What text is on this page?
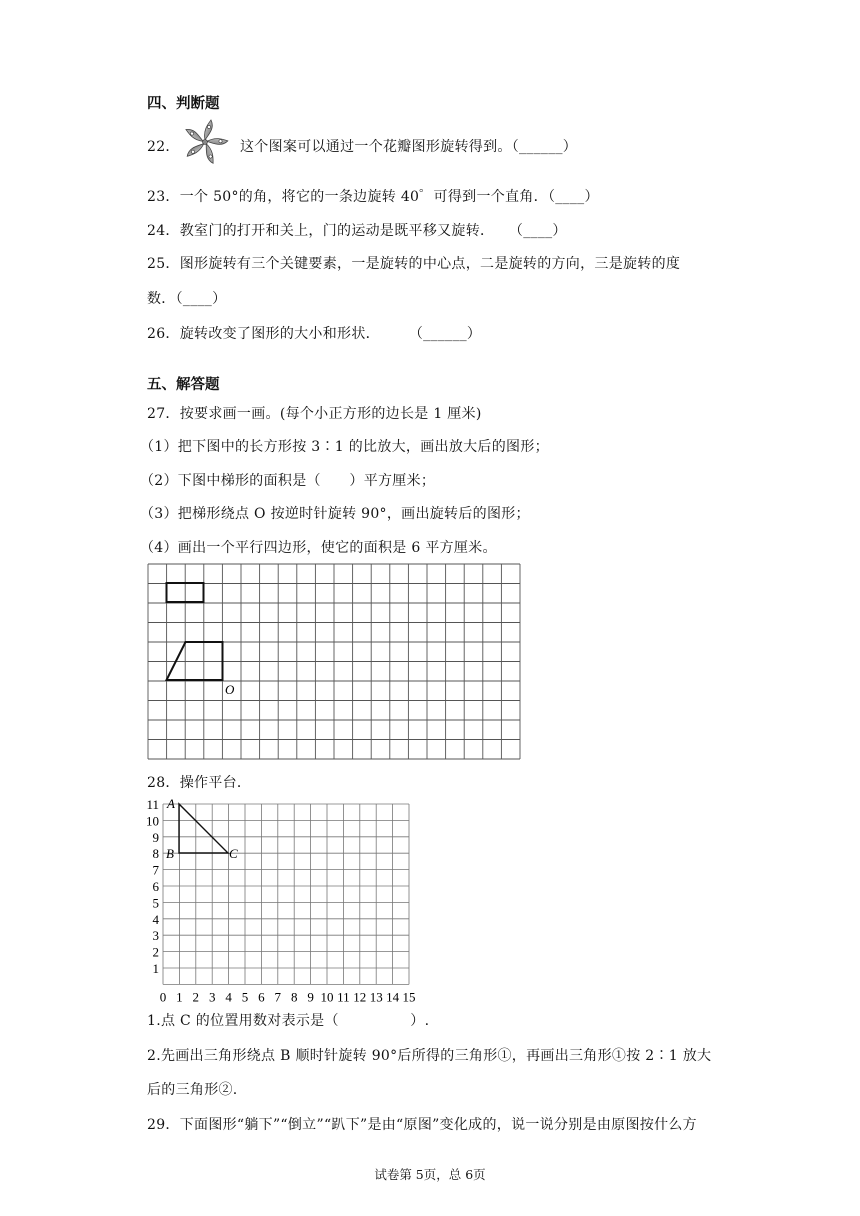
四、判断题
22．	这个图案可以通过一个花瓣图形旋转得到。（______）
23．一个 50°的角，将它的一条边旋转 40゜可得到一个直角．（____）
24．教室门的打开和关上，门的运动是既平移又旋转．　　（____）
25．图形旋转有三个关键要素，一是旋转的中心点，二是旋转的方向，三是旋转的度
数．（____）
26．旋转改变了图形的大小和形状．　　　（______）
五、解答题
27．按要求画一画。(每个小正方形的边长是 1 厘米)
（1）把下图中的长方形按 3∶1 的比放大，画出放大后的图形；
（2）下图中梯形的面积是（　　）平方厘米；
（3）把梯形绕点 O 按逆时针旋转 90°，画出旋转后的图形；
（4）画出一个平行四边形，使它的面积是 6 平方厘米。
O
28．操作平台．
1
2
3
4
5
6
7
8
9
10
11
0 1 2 3 4 5 6 7 8 9 10 11 12 13 14 15
A
B	C
1.点 C 的位置用数对表示是（　　　　　）.
2.先画出三角形绕点 B 顺时针旋转 90°后所得的三角形①，再画出三角形①按 2∶1 放大
后的三角形②.
29．下面图形“躺下”“倒立”“趴下”是由“原图”变化成的，说一说分别是由原图按什么方
试卷第 5页，总 6页
